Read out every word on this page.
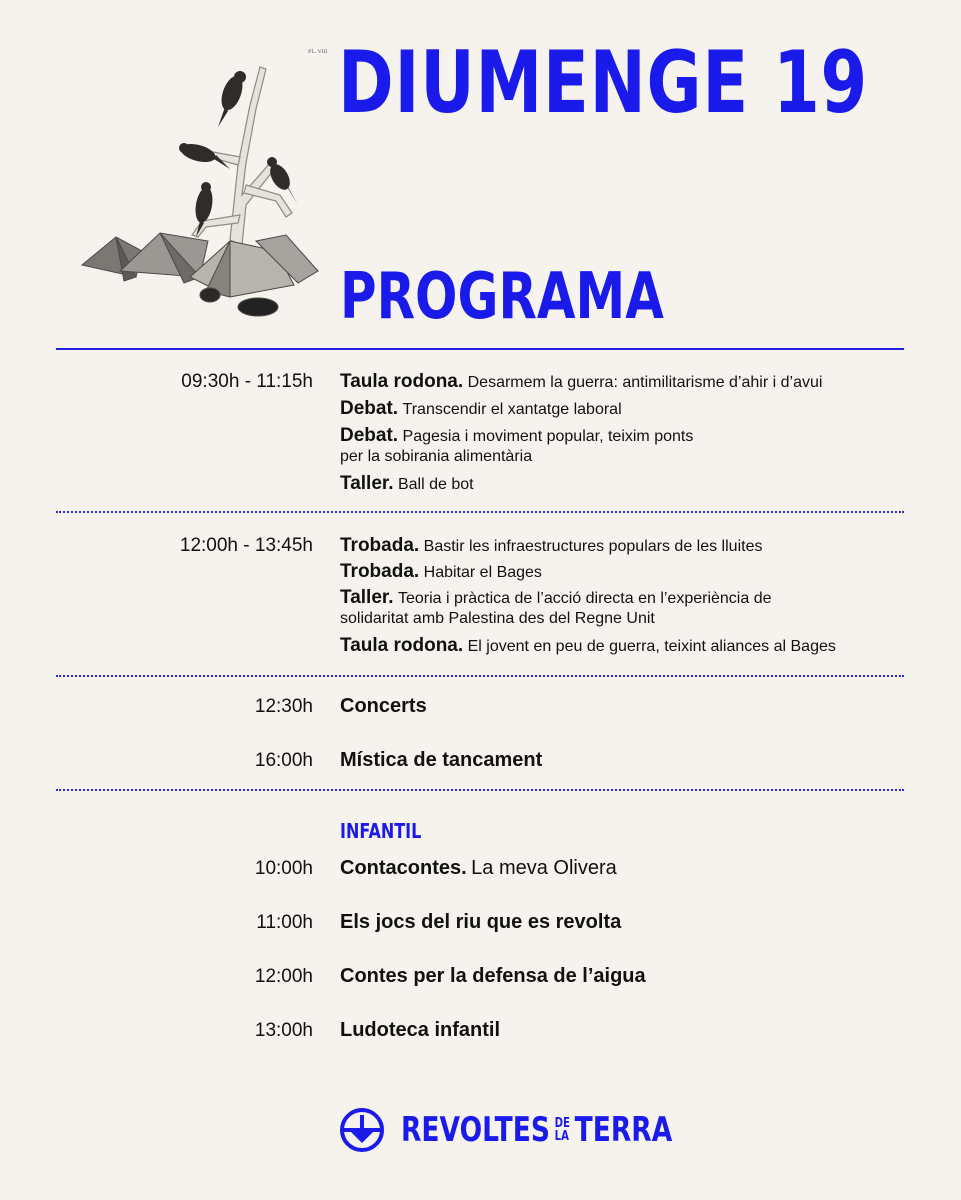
PL. VIII DIUMENGE 19
PROGRAMA
09:30h - 11:15h Taula rodona. Desarmem la guerra: antimilitarisme d’ahir i d’avui
Debat. Transcendir el xantatge laboral
Debat. Pagesia i moviment popular, teixim ponts
per la sobirania alimentària
Taller. Ball de bot
12:00h - 13:45h Trobada. Bastir les infraestructures populars de les lluites
Trobada. Habitar el Bages
Taller. Teoria i pràctica de l’acció directa en l’experiència de
solidaritat amb Palestina des del Regne Unit
Taula rodona. El jovent en peu de guerra, teixint aliances al Bages
12:30h Concerts
16:00h Mística de tancament
INFANTIL
10:00h Contacontes. La meva Olivera
11:00h Els jocs del riu que es revolta
12:00h Contes per la defensa de l’aigua
13:00h Ludoteca infantil
REVOLTES DE
LA TERRA
